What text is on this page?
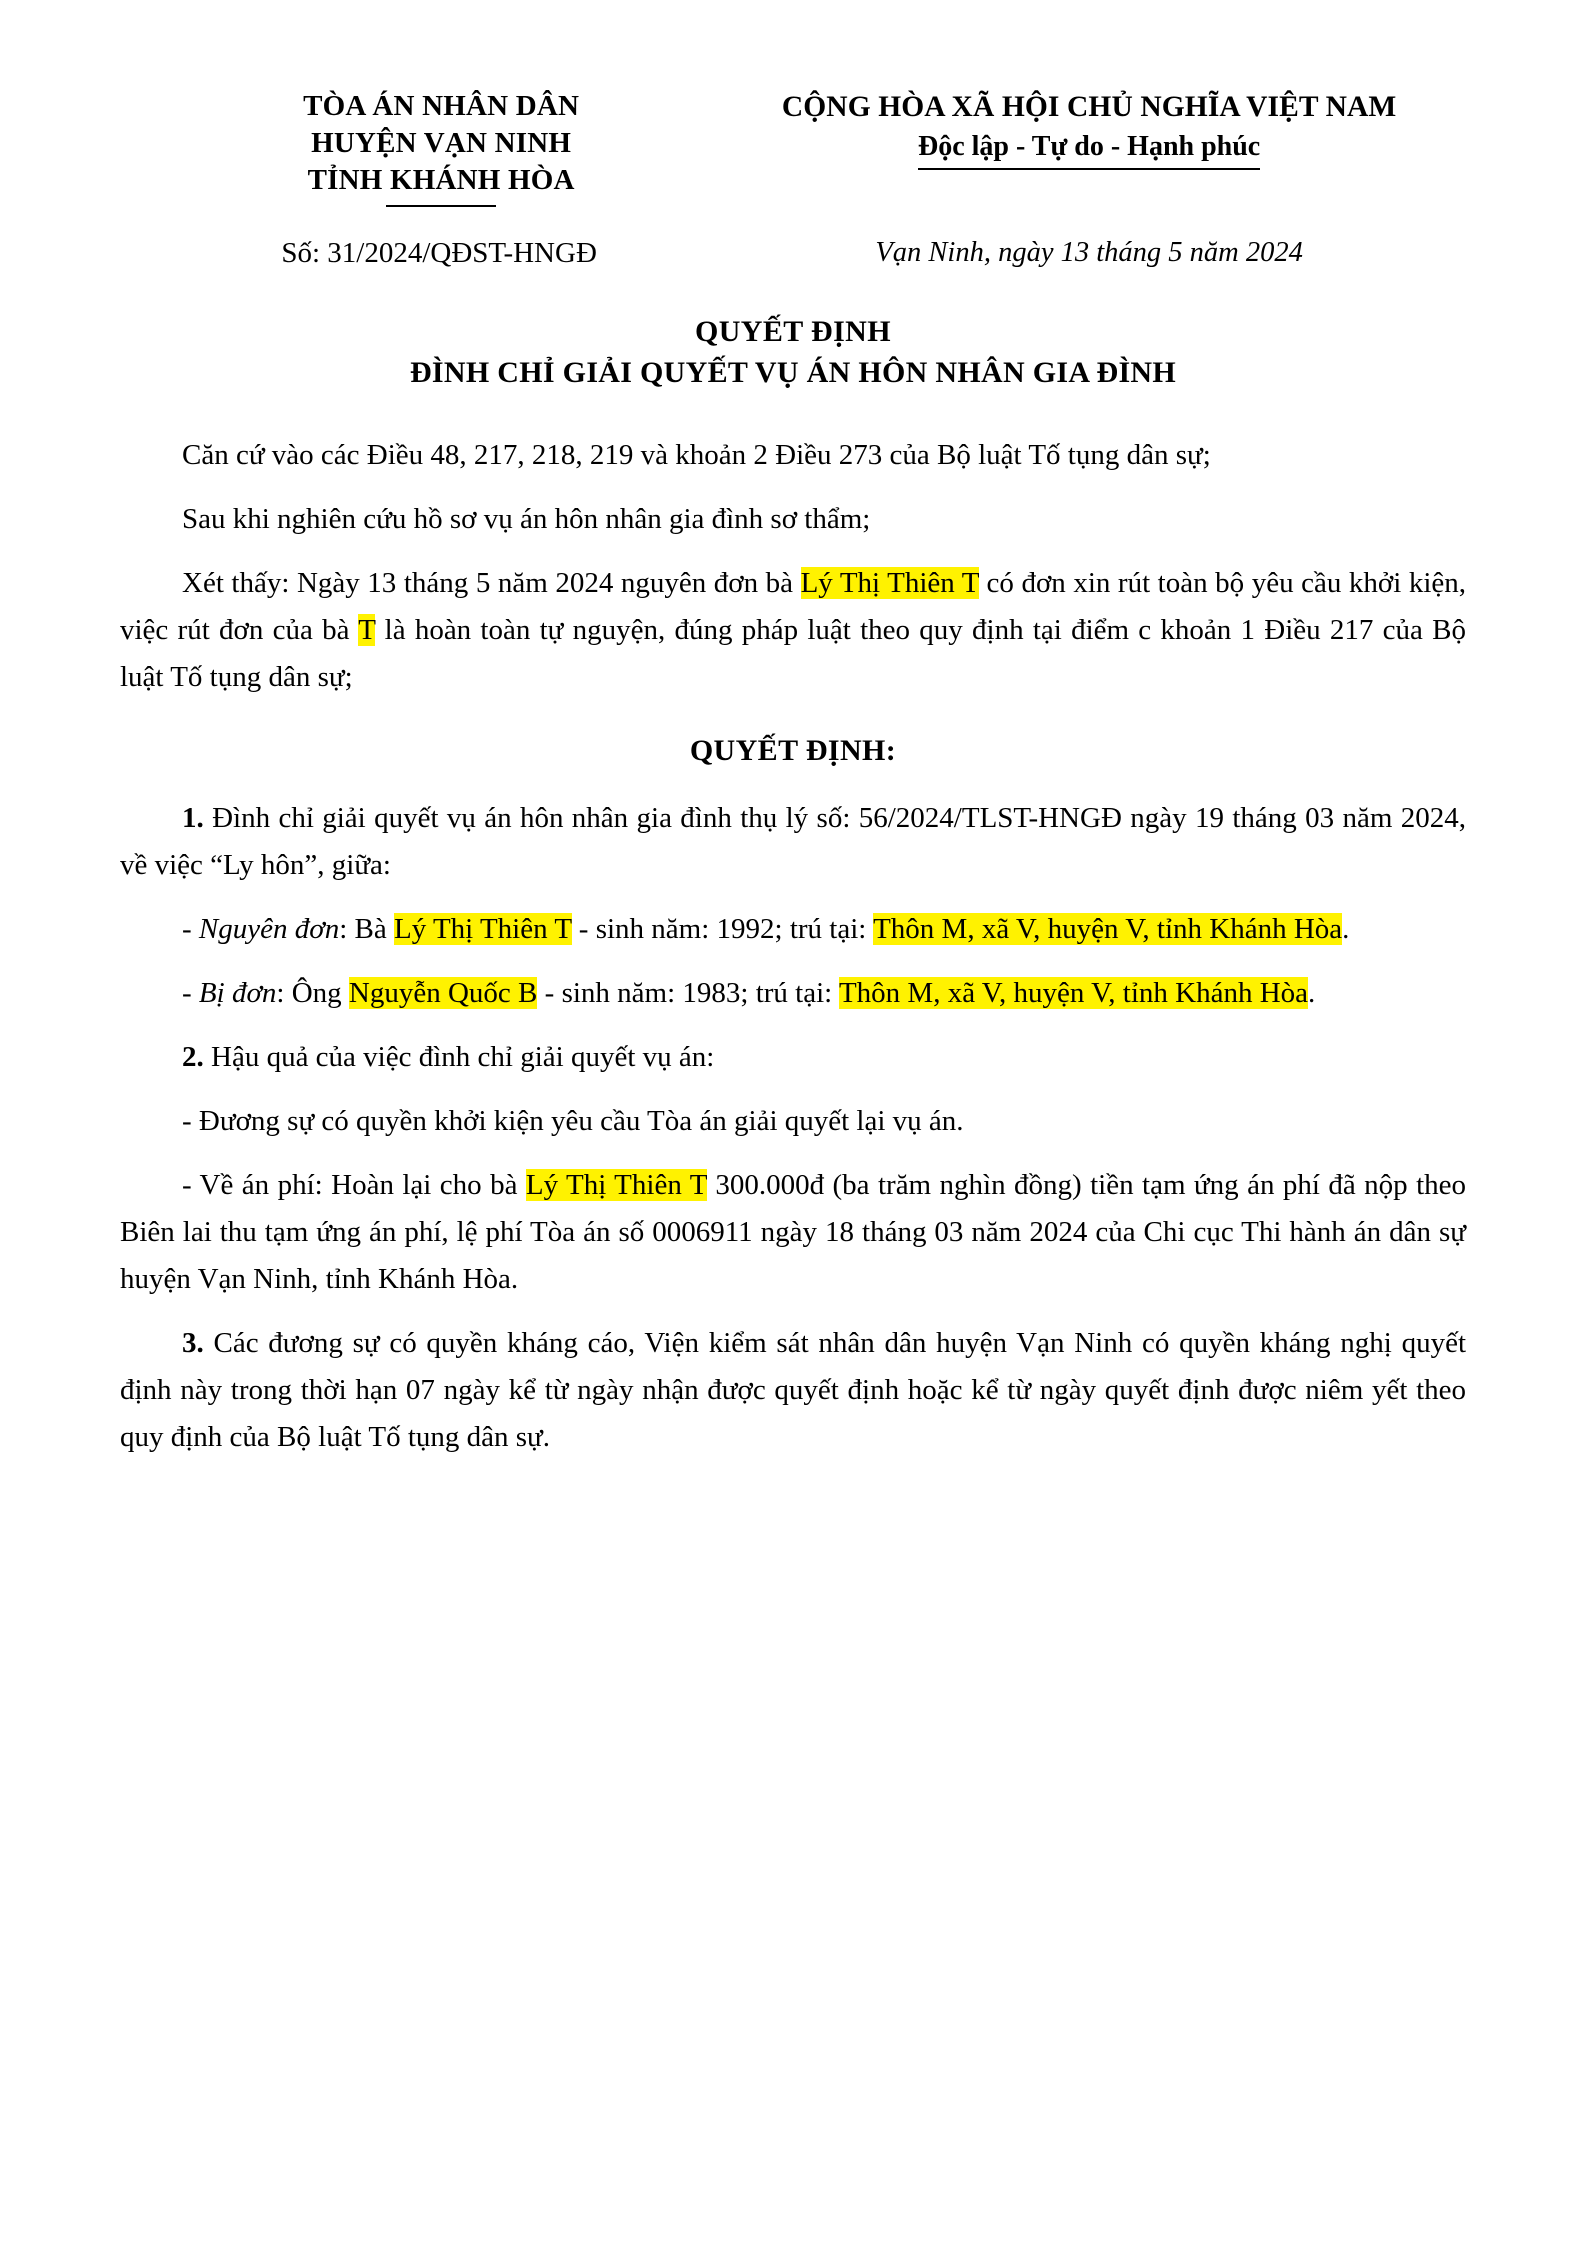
TÒA ÁN NHÂN DÂN
HUYỆN VẠN NINH
TỈNH KHÁNH HÒA
CỘNG HÒA XÃ HỘI CHỦ NGHĨA VIỆT NAM
Độc lập - Tự do - Hạnh phúc
Số: 31/2024/QĐST-HNGĐ	Vạn Ninh, ngày 13 tháng 5 năm 2024
QUYẾT ĐỊNH
ĐÌNH CHỈ GIẢI QUYẾT VỤ ÁN HÔN NHÂN GIA ĐÌNH

Căn cứ vào các Điều 48, 217, 218, 219 và khoản 2 Điều 273 của Bộ luật Tố tụng dân sự;

Sau khi nghiên cứu hồ sơ vụ án hôn nhân gia đình sơ thẩm;

Xét thấy: Ngày 13 tháng 5 năm 2024 nguyên đơn bà Lý Thị Thiên T có đơn xin rút toàn bộ yêu cầu khởi kiện, việc rút đơn của bà T là hoàn toàn tự nguyện, đúng pháp luật theo quy định tại điểm c khoản 1 Điều 217 của Bộ luật Tố tụng dân sự;

QUYẾT ĐỊNH:

1. Đình chỉ giải quyết vụ án hôn nhân gia đình thụ lý số: 56/2024/TLST-HNGĐ ngày 19 tháng 03 năm 2024, về việc “Ly hôn”, giữa:

- Nguyên đơn: Bà Lý Thị Thiên T - sinh năm: 1992; trú tại: Thôn M, xã V, huyện V, tỉnh Khánh Hòa.

- Bị đơn: Ông Nguyễn Quốc B - sinh năm: 1983; trú tại: Thôn M, xã V, huyện V, tỉnh Khánh Hòa.

2. Hậu quả của việc đình chỉ giải quyết vụ án:

- Đương sự có quyền khởi kiện yêu cầu Tòa án giải quyết lại vụ án.

- Về án phí: Hoàn lại cho bà Lý Thị Thiên T 300.000đ (ba trăm nghìn đồng) tiền tạm ứng án phí đã nộp theo Biên lai thu tạm ứng án phí, lệ phí Tòa án số 0006911 ngày 18 tháng 03 năm 2024 của Chi cục Thi hành án dân sự huyện Vạn Ninh, tỉnh Khánh Hòa.

3. Các đương sự có quyền kháng cáo, Viện kiểm sát nhân dân huyện Vạn Ninh có quyền kháng nghị quyết định này trong thời hạn 07 ngày kể từ ngày nhận được quyết định hoặc kể từ ngày quyết định được niêm yết theo quy định của Bộ luật Tố tụng dân sự.
